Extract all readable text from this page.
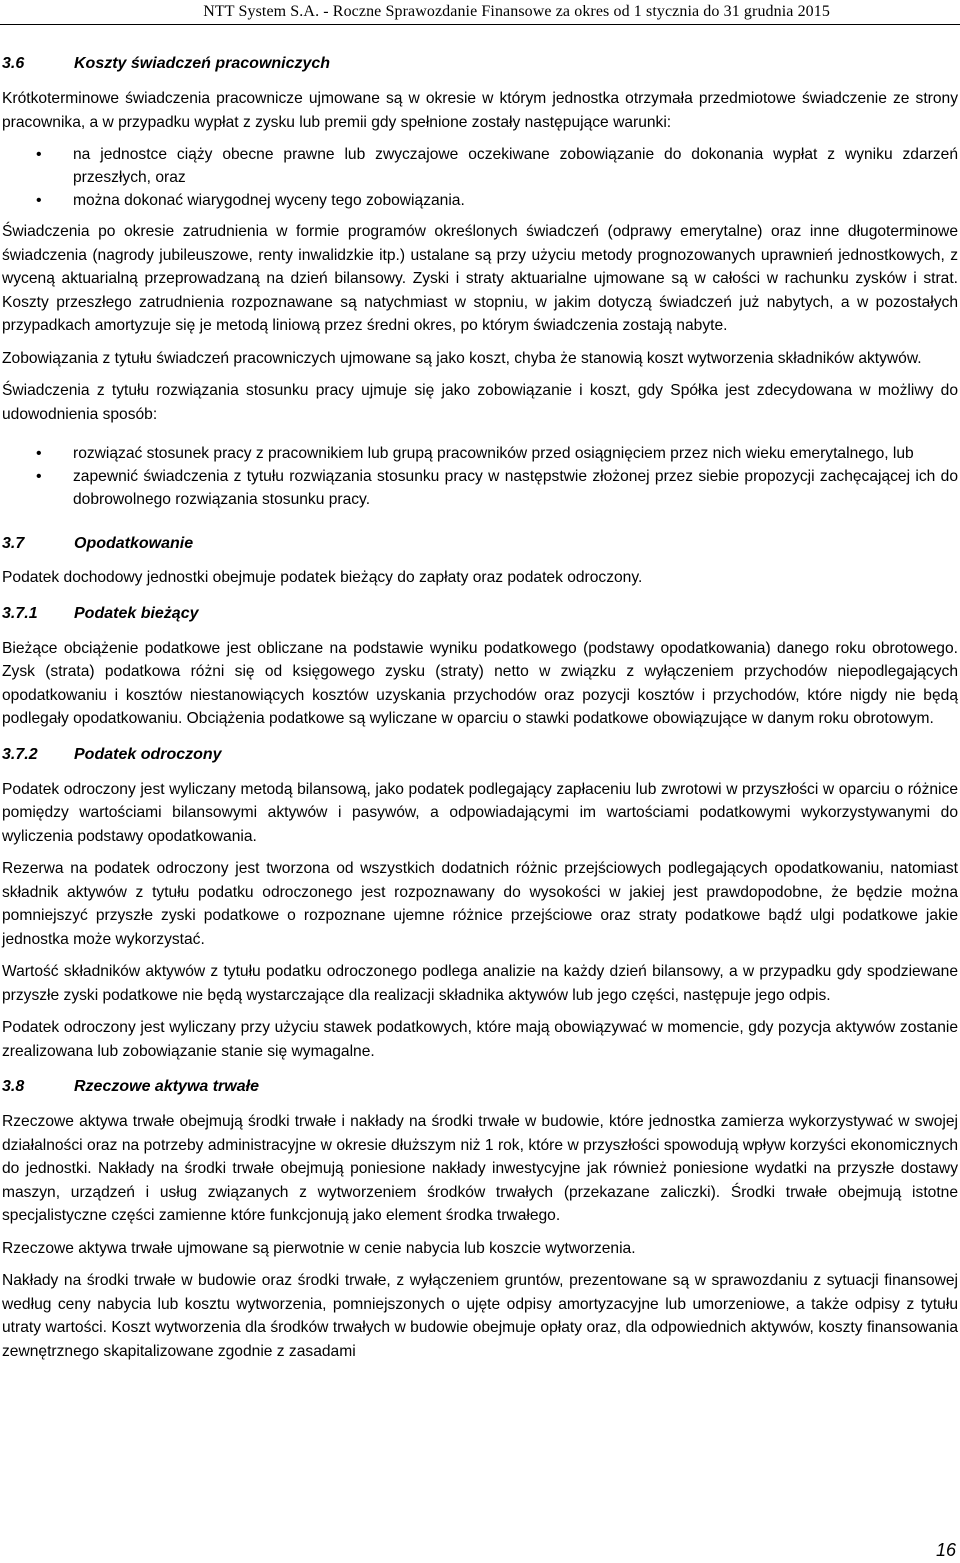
NTT System S.A. - Roczne Sprawozdanie Finansowe za okres od 1 stycznia do 31 grudnia 2015
3.6	Koszty świadczeń pracowniczych

Krótkoterminowe świadczenia pracownicze ujmowane są w okresie w którym jednostka otrzymała przedmiotowe świadczenie ze strony pracownika, a w przypadku wypłat z zysku lub premii gdy spełnione zostały następujące warunki:

• na jednostce ciąży obecne prawne lub zwyczajowe oczekiwane zobowiązanie do dokonania wypłat z wyniku zdarzeń przeszłych, oraz
• można dokonać wiarygodnej wyceny tego zobowiązania.

Świadczenia po okresie zatrudnienia w formie programów określonych świadczeń (odprawy emerytalne) oraz inne długoterminowe świadczenia (nagrody jubileuszowe, renty inwalidzkie itp.) ustalane są przy użyciu metody prognozowanych uprawnień jednostkowych, z wyceną aktuarialną przeprowadzaną na dzień bilansowy. Zyski i straty aktuarialne ujmowane są w całości w rachunku zysków i strat. Koszty przeszłego zatrudnienia rozpoznawane są natychmiast w stopniu, w jakim dotyczą świadczeń już nabytych, a w pozostałych przypadkach amortyzuje się je metodą liniową przez średni okres, po którym świadczenia zostają nabyte.

Zobowiązania z tytułu świadczeń pracowniczych ujmowane są jako koszt, chyba że stanowią koszt wytworzenia składników aktywów.

Świadczenia z tytułu rozwiązania stosunku pracy ujmuje się jako zobowiązanie i koszt, gdy Spółka jest zdecydowana w możliwy do udowodnienia sposób:

• rozwiązać stosunek pracy z pracownikiem lub grupą pracowników przed osiągnięciem przez nich wieku emerytalnego, lub
• zapewnić świadczenia z tytułu rozwiązania stosunku pracy w następstwie złożonej przez siebie propozycji zachęcającej ich do dobrowolnego rozwiązania stosunku pracy.
3.7	Opodatkowanie

Podatek dochodowy jednostki obejmuje podatek bieżący do zapłaty oraz podatek odroczony.

3.7.1	Podatek bieżący

Bieżące obciążenie podatkowe jest obliczane na podstawie wyniku podatkowego (podstawy opodatkowania) danego roku obrotowego. Zysk (strata) podatkowa różni się od księgowego zysku (straty) netto w związku z wyłączeniem przychodów niepodlegających opodatkowaniu i kosztów niestanowiących kosztów uzyskania przychodów oraz pozycji kosztów i przychodów, które nigdy nie będą podlegały opodatkowaniu. Obciążenia podatkowe są wyliczane w oparciu o stawki podatkowe obowiązujące w danym roku obrotowym.

3.7.2	Podatek odroczony

Podatek odroczony jest wyliczany metodą bilansową, jako podatek podlegający zapłaceniu lub zwrotowi w przyszłości w oparciu o różnice pomiędzy wartościami bilansowymi aktywów i pasywów, a odpowiadającymi im wartościami podatkowymi wykorzystywanymi do wyliczenia podstawy opodatkowania.

Rezerwa na podatek odroczony jest tworzona od wszystkich dodatnich różnic przejściowych podlegających opodatkowaniu, natomiast składnik aktywów z tytułu podatku odroczonego jest rozpoznawany do wysokości w jakiej jest prawdopodobne, że będzie można pomniejszyć przyszłe zyski podatkowe o rozpoznane ujemne różnice przejściowe oraz straty podatkowe bądź ulgi podatkowe jakie jednostka może wykorzystać.

Wartość składników aktywów z tytułu podatku odroczonego podlega analizie na każdy dzień bilansowy, a w przypadku gdy spodziewane przyszłe zyski podatkowe nie będą wystarczające dla realizacji składnika aktywów lub jego części, następuje jego odpis.

Podatek odroczony jest wyliczany przy użyciu stawek podatkowych, które mają obowiązywać w momencie, gdy pozycja aktywów zostanie zrealizowana lub zobowiązanie stanie się wymagalne.

3.8	Rzeczowe aktywa trwałe

Rzeczowe aktywa trwałe obejmują środki trwałe i nakłady na środki trwałe w budowie, które jednostka zamierza wykorzystywać w swojej działalności oraz na potrzeby administracyjne w okresie dłuższym niż 1 rok, które w przyszłości spowodują wpływ korzyści ekonomicznych do jednostki. Nakłady na środki trwałe obejmują poniesione nakłady inwestycyjne jak również poniesione wydatki na przyszłe dostawy maszyn, urządzeń i usług związanych z wytworzeniem środków trwałych (przekazane zaliczki). Środki trwałe obejmują istotne specjalistyczne części zamienne które funkcjonują jako element środka trwałego.

Rzeczowe aktywa trwałe ujmowane są pierwotnie w cenie nabycia lub koszcie wytworzenia.

Nakłady na środki trwałe w budowie oraz środki trwałe, z wyłączeniem gruntów, prezentowane są w sprawozdaniu z sytuacji finansowej według ceny nabycia lub kosztu wytworzenia, pomniejszonych o ujęte odpisy amortyzacyjne lub umorzeniowe, a także odpisy z tytułu utraty wartości. Koszt wytworzenia dla środków trwałych w budowie obejmuje opłaty oraz, dla odpowiednich aktywów, koszty finansowania zewnętrznego skapitalizowane zgodnie z zasadami

16
